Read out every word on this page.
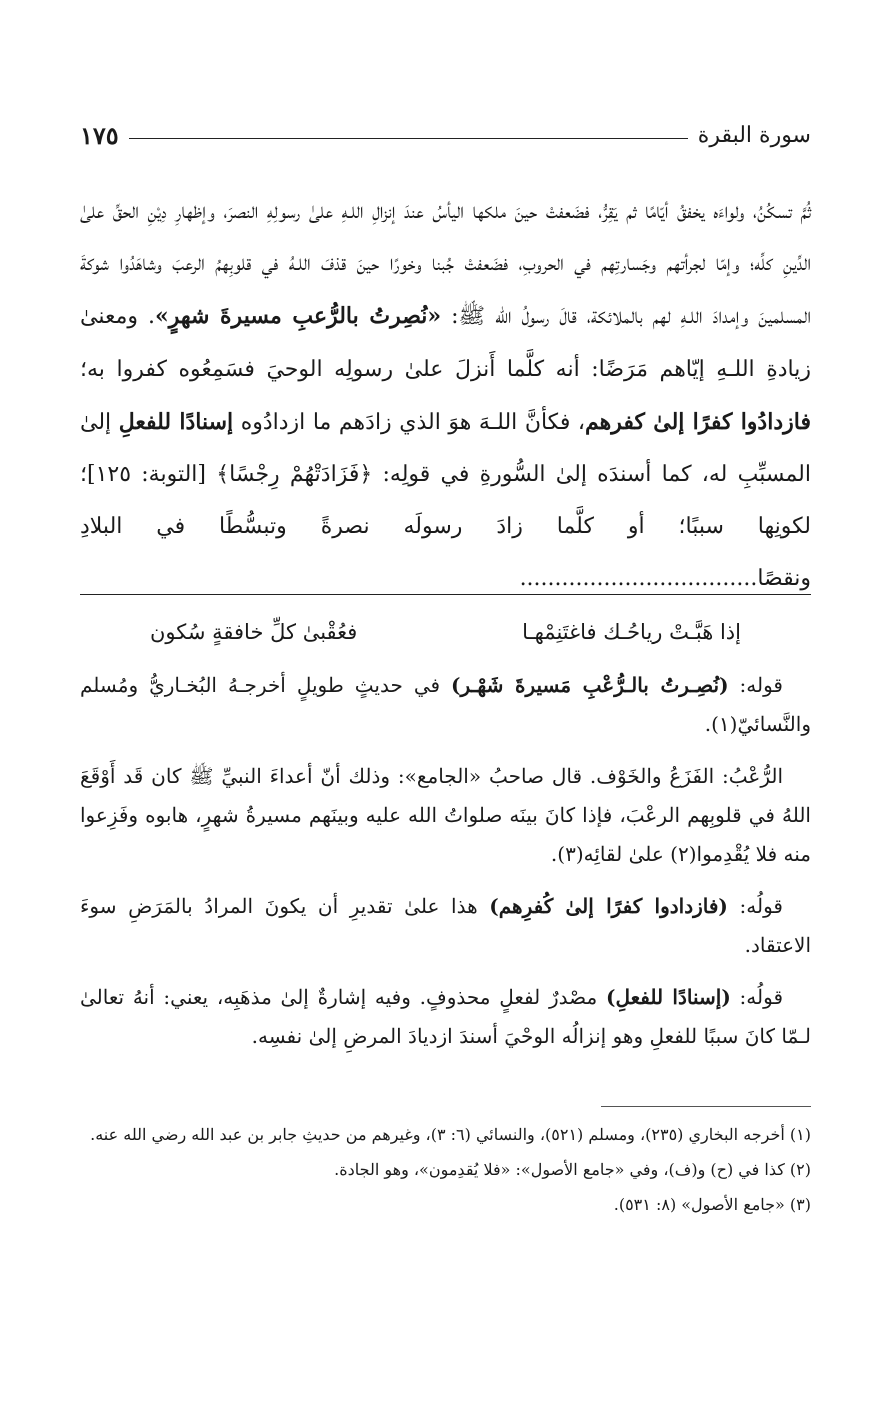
سورة البقرة
١٧٥

ثُمَّ تسكُنُ، ولواءَه يخفقُ أيّامًا ثم يَقِرُّ، فضَعفتْ حينَ ملكها اليأسُ عندَ إنزالِ اللـهِ علىٰ رسولِهِ النصرَ، وإظهارِ دِيْنِ الحقِّ علىٰ الدِّينِ كلِّه؛ وإمّا لجرأتهم وجَسارتِهم في الحروبِ، فضَعفتْ جُبنا وخورًا حينَ قذفَ اللـهُ في قلوبِهمُ الرعبَ وشاهَدُوا شوكةَ المسلمينَ وإمدادَ اللـهِ لهم بالملائكة، قالَ رسولُ الله ﷺ: «نُصِرتُ بالرُّعبِ مسيرةَ شهرٍ». ومعنىٰ زيادةِ اللـهِ إيّاهم مَرَضًا: أنه كلَّما أَنزلَ علىٰ رسولِه الوحيَ فسَمِعُوه كفروا به؛ فازدادُوا كفرًا إلىٰ كفرهم، فكأنَّ اللـهَ هوَ الذي زادَهم ما ازدادُوه إسنادًا للفعلِ إلىٰ المسبِّبِ له، كما أسندَه إلىٰ السُّورةِ في قولِه: ﴿فَزَادَتْهُمْ رِجْسًا﴾ [التوبة: ١٢٥]؛ لكونِها سببًا؛ أو كلَّما زادَ رسولَه نصرةً وتبسُّطًا في البلادِ ونقصًا..................................

إذا هَبَّـتْ رياحُـك فاغتَنِمْهـا
فعُقْبىٰ كلِّ خافقةٍ سُكون

قوله: (نُصِـرتُ بالـرُّعْبِ مَسيرةَ شَهْـر) في حديثٍ طويلٍ أخرجـهُ البُخـاريُّ ومُسلم والنَّسائيّ(١).

الرُّعْبُ: الفَزَعُ والخَوْف. قال صاحبُ «الجامع»: وذلك أنّ أعداءَ النبيِّ ﷺ كان قَد أَوْقَعَ اللهُ في قلوبِهم الرعْبَ، فإذا كانَ بينَه صلواتُ الله عليه وبينَهم مسيرةُ شهرٍ، هابوه وفَزِعوا منه فلا يُقْدِموا(٢) علىٰ لقائِه(٣).

قولُه: (فازدادوا كفرًا إلىٰ كُفرِهم) هذا علىٰ تقديرِ أن يكونَ المرادُ بالمَرَضِ سوءَ الاعتقاد.

قولُه: (إسنادًا للفعلِ) مصْدرٌ لفعلٍ محذوفٍ. وفيه إشارةٌ إلىٰ مذهَبِه، يعني: أنهُ تعالىٰ لـمّا كانَ سببًا للفعلِ وهو إنزالُه الوحْيَ أسندَ ازديادَ المرضِ إلىٰ نفسِه.

(١) أخرجه البخاري (٢٣٥)، ومسلم (٥٢١)، والنسائي (٦: ٣)، وغيرهم من حديثِ جابر بن عبد الله رضي الله عنه.

(٢) كذا في (ح) و(ف)، وفي «جامع الأصول»: «فلا يُقدِمون»، وهو الجادة.

(٣) «جامع الأصول» (٨: ٥٣١).
